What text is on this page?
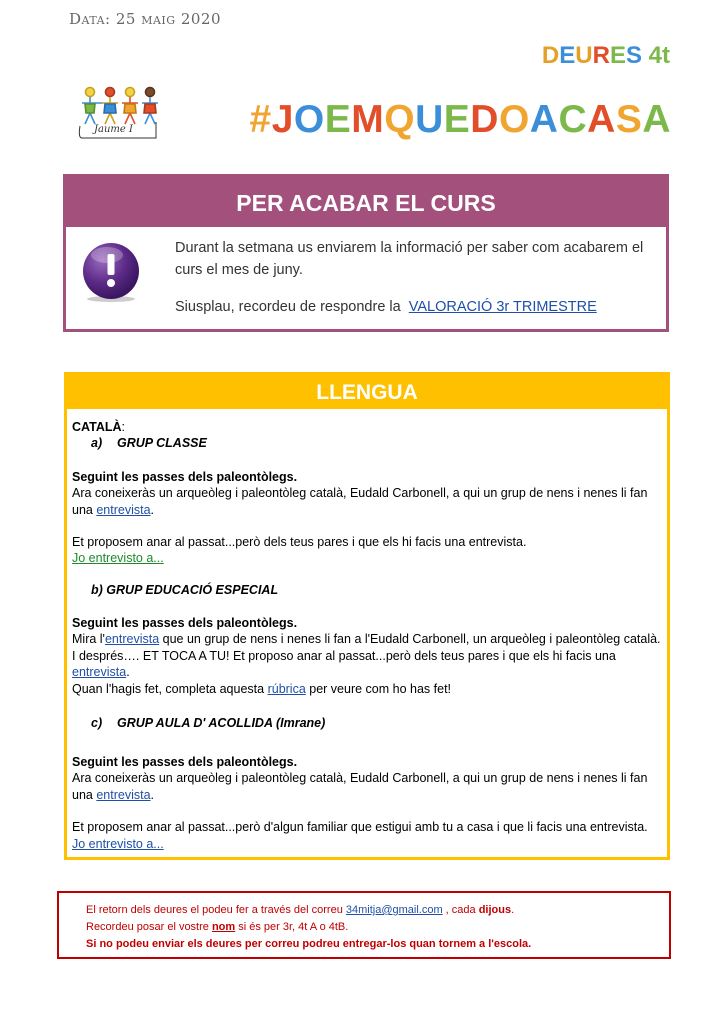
Data: 25 maig 2020
DEURES 4t
Jaume I	#JOEMQUEDOACASA
PER ACABAR EL CURS
Durant la setmana us enviarem la informació per saber com acabarem el curs el mes de juny.
Siusplau, recordeu de respondre la VALORACIÓ 3r TRIMESTRE
LLENGUA
CATALÀ:
a) GRUP CLASSE
Seguint les passes dels paleontòlegs.
Ara coneixeràs un arqueòleg i paleontòleg català, Eudald Carbonell, a qui un grup de nens i nenes li fan una entrevista.
Et proposem anar al passat...però dels teus pares i que els hi facis una entrevista.
Jo entrevisto a...
b) GRUP EDUCACIÓ ESPECIAL
Seguint les passes dels paleontòlegs.
Mira l'entrevista que un grup de nens i nenes li fan a l'Eudald Carbonell, un arqueòleg i paleontòleg català. I després…. ET TOCA A TU! Et proposo anar al passat...però dels teus pares i que els hi facis una entrevista.
Quan l'hagis fet, completa aquesta rúbrica per veure com ho has fet!
c) GRUP AULA D' ACOLLIDA (Imrane)
Seguint les passes dels paleontòlegs.
Ara coneixeràs un arqueòleg i paleontòleg català, Eudald Carbonell, a qui un grup de nens i nenes li fan una entrevista.
Et proposem anar al passat...però d'algun familiar que estigui amb tu a casa i que li facis una entrevista. Jo entrevisto a...
El retorn dels deures el podeu fer a través del correu 34mitja@gmail.com , cada dijous.
Recordeu posar el vostre nom si és per 3r, 4t A o 4tB.
Si no podeu enviar els deures per correu podreu entregar-los quan tornem a l'escola.
